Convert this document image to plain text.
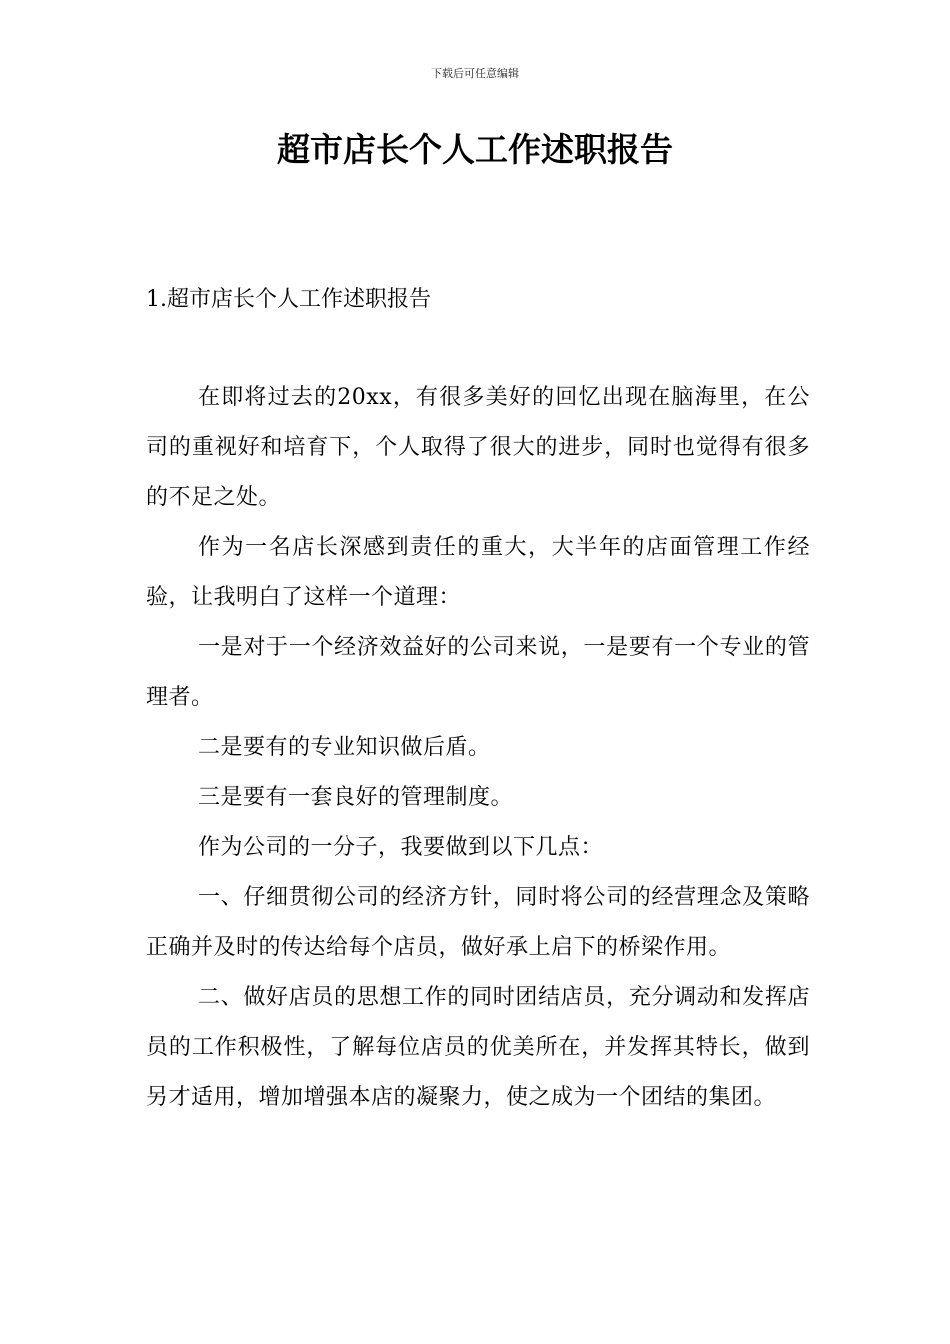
下载后可任意编辑
超市店长个人工作述职报告
1.超市店长个人工作述职报告

在即将过去的20xx，有很多美好的回忆出现在脑海里，在公司的重视好和培育下，个人取得了很大的进步，同时也觉得有很多的不足之处。

作为一名店长深感到责任的重大，大半年的店面管理工作经验，让我明白了这样一个道理：

一是对于一个经济效益好的公司来说，一是要有一个专业的管理者。

二是要有的专业知识做后盾。

三是要有一套良好的管理制度。

作为公司的一分子，我要做到以下几点：

一、仔细贯彻公司的经济方针，同时将公司的经营理念及策略正确并及时的传达给每个店员，做好承上启下的桥梁作用。

二、做好店员的思想工作的同时团结店员，充分调动和发挥店员的工作积极性，了解每位店员的优美所在，并发挥其特长，做到另才适用，增加增强本店的凝聚力，使之成为一个团结的集团。
